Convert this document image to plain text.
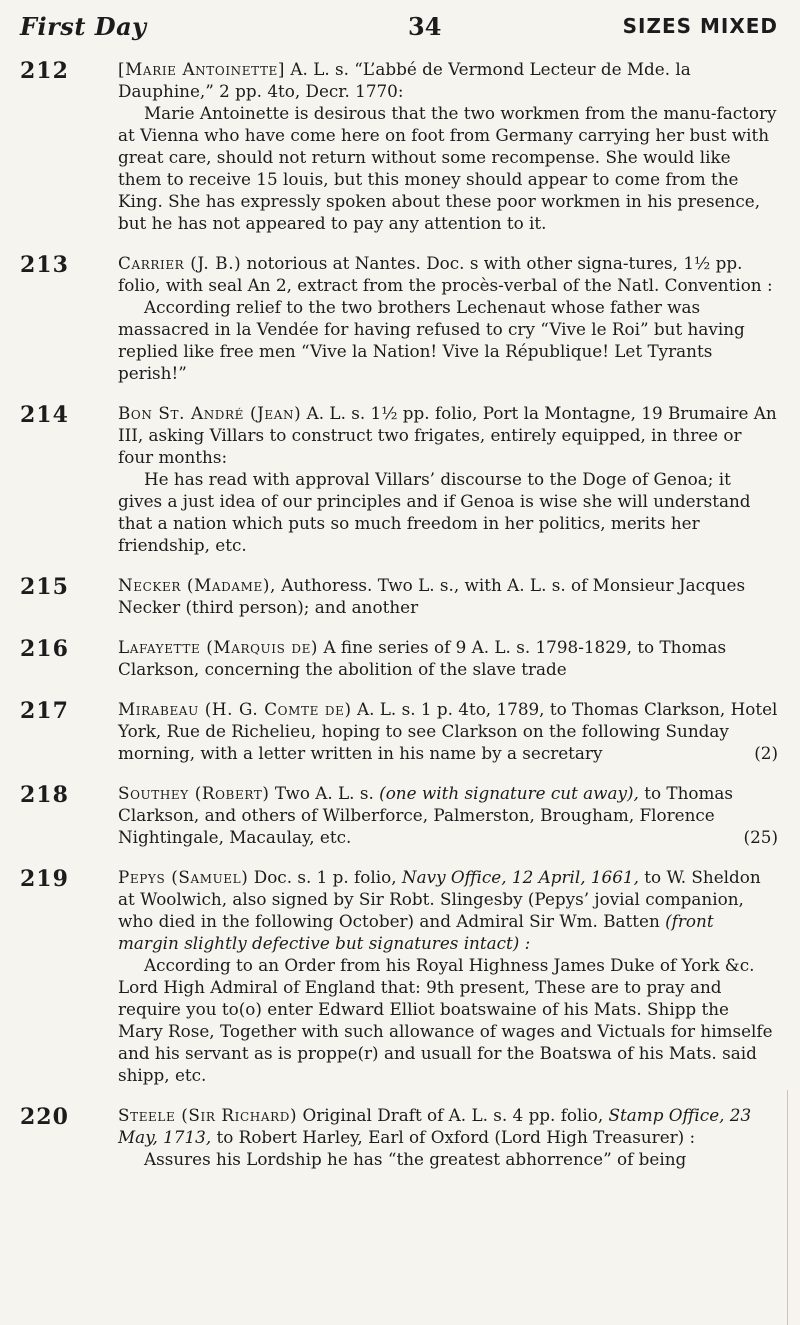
First Day	34	SIZES MIXED
212	[Marie Antoinette] A. L. s. “L’abbé de Vermond Lecteur de Mde. la Dauphine,” 2 pp. 4to, Decr. 1770:

Marie Antoinette is desirous that the two workmen from the manu-factory at Vienna who have come here on foot from Germany carrying her bust with great care, should not return without some recompense. She would like them to receive 15 louis, but this money should appear to come from the King. She has expressly spoken about these poor workmen in his presence, but he has not appeared to pay any attention to it.

213	Carrier (J. B.) notorious at Nantes. Doc. s with other signa-tures, 1½ pp. folio, with seal An 2, extract from the procès-verbal of the Natl. Convention :

According relief to the two brothers Lechenaut whose father was massacred in la Vendée for having refused to cry “Vive le Roi” but having replied like free men “Vive la Nation! Vive la République! Let Tyrants perish!”

214	Bon St. André (Jean) A. L. s. 1½ pp. folio, Port la Montagne, 19 Brumaire An III, asking Villars to construct two frigates, entirely equipped, in three or four months:

He has read with approval Villars’ discourse to the Doge of Genoa; it gives a just idea of our principles and if Genoa is wise she will understand that a nation which puts so much freedom in her politics, merits her friendship, etc.

215	Necker (Madame), Authoress. Two L. s., with A. L. s. of Monsieur Jacques Necker (third person); and another

216	Lafayette (Marquis de) A fine series of 9 A. L. s. 1798-1829, to Thomas Clarkson, concerning the abolition of the slave trade

217	Mirabeau (H. G. Comte de) A. L. s. 1 p. 4to, 1789, to Thomas Clarkson, Hotel York, Rue de Richelieu, hoping to see Clarkson on the following Sunday morning, with a letter written in his name by a secretary	(2)

218	Southey (Robert) Two A. L. s. (one with signature cut away), to Thomas Clarkson, and others of Wilberforce, Palmerston, Brougham, Florence Nightingale, Macaulay, etc.	(25)

219	Pepys (Samuel) Doc. s. 1 p. folio, Navy Office, 12 April, 1661, to W. Sheldon at Woolwich, also signed by Sir Robt. Slingesby (Pepys’ jovial companion, who died in the following October) and Admiral Sir Wm. Batten (front margin slightly defective but signatures intact) :

According to an Order from his Royal Highness James Duke of York &c. Lord High Admiral of England that: 9th present, These are to pray and require you to(o) enter Edward Elliot boatswaine of his Mats. Shipp the Mary Rose, Together with such allowance of wages and Victuals for himselfe and his servant as is proppe(r) and usuall for the Boatswa of his Mats. said shipp, etc.

220	Steele (Sir Richard) Original Draft of A. L. s. 4 pp. folio, Stamp Office, 23 May, 1713, to Robert Harley, Earl of Oxford (Lord High Treasurer) :

Assures his Lordship he has “the greatest abhorrence” of being
